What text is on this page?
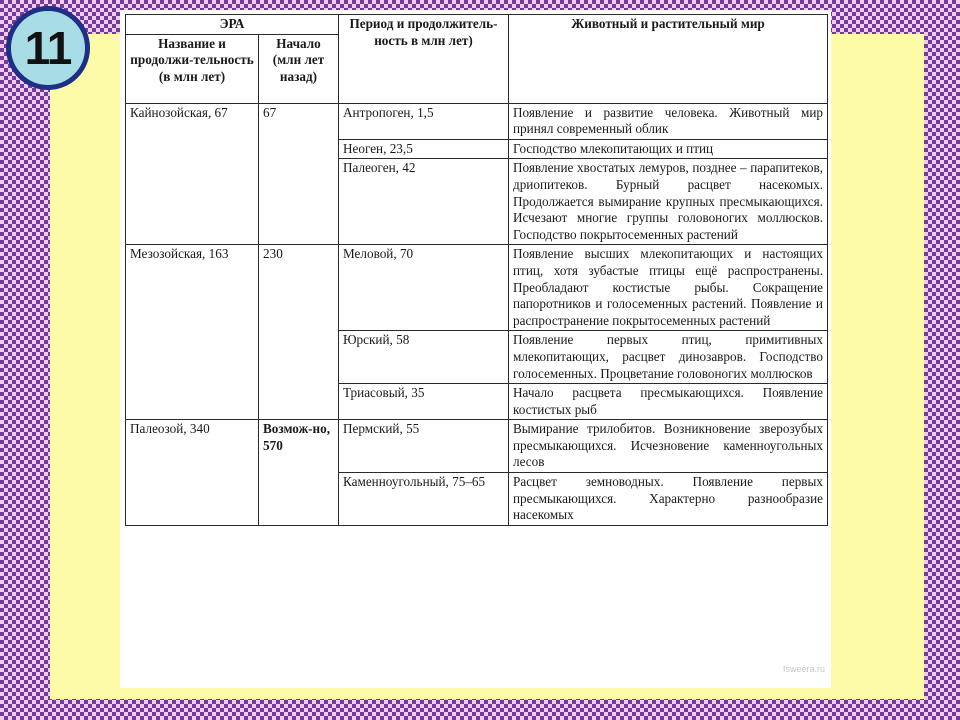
11	ЭРА		Период и продолжитель-ность в млн лет)	Животный и растительный мир
Название и продолжи-тельность (в млн лет)	Начало (млн лет назад)		
Кайнозойская, 67	67	Антропоген, 1,5	Появление и развитие человека. Животный мир принял современный облик
		Неоген, 23,5	Господство млекопитающих и птиц
		Палеоген, 42	Появление хвостатых лемуров, позднее – парапитеков, дриопитеков. Бурный расцвет насекомых. Продолжается вымирание крупных пресмыкающихся. Исчезают многие группы головоногих моллюсков. Господство покрытосеменных растений
Мезозойская, 163	230	Меловой, 70	Появление высших млекопитающих и настоящих птиц, хотя зубастые птицы ещё распространены. Преобладают костистые рыбы. Сокращение папоротников и голосеменных растений. Появление и распространение покрытосеменных растений
		Юрский, 58	Появление первых птиц, примитивных млекопитающих, расцвет динозавров. Господство голосеменных. Процветание головоногих моллюсков
		Триасовый, 35	Начало расцвета пресмыкающихся. Появление костистых рыб
Палеозой, 340	Возмож-но, 570	Пермский, 55	Вымирание трилобитов. Возникновение зверозубых пресмыкающихся. Исчезновение каменноугольных лесов
		Каменноугольный, 75–65	Расцвет земноводных. Появление первых пресмыкающихся. Характерно разнообразие насекомых
fsweera.ru
